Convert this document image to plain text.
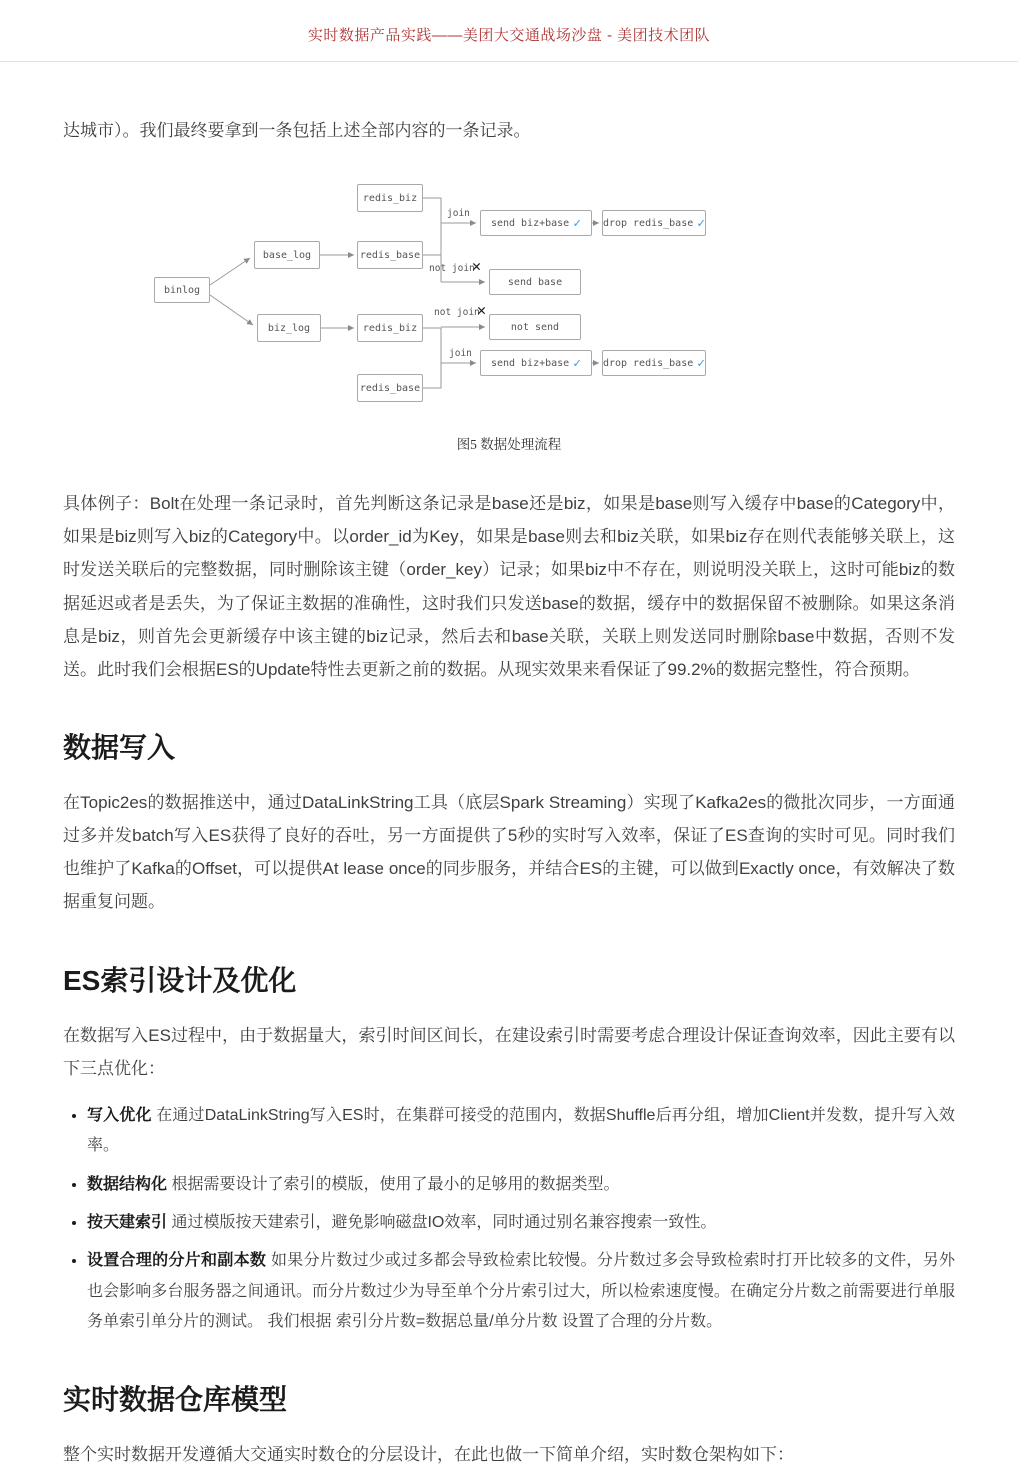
实时数据产品实践——美团大交通战场沙盘 - 美团技术团队

达城市）。我们最终要拿到一条包括上述全部内容的一条记录。

redis_biz
base_log	redis_base
binlog
biz_log	redis_biz
redis_base
send biz+base ✓ drop redis_base ✓
send base
not send
send biz+base ✓ drop redis_base ✓
join
not join
✕
not join
✕
join
图5 数据处理流程

具体例子：Bolt在处理一条记录时，首先判断这条记录是base还是biz，如果是base则写入缓存中base的Category中，如果是biz则写入biz的Category中。以order_id为Key，如果是base则去和biz关联，如果biz存在则代表能够关联上，这时发送关联后的完整数据，同时删除该主键（order_key）记录；如果biz中不存在，则说明没关联上，这时可能biz的数据延迟或者是丢失，为了保证主数据的准确性，这时我们只发送base的数据，缓存中的数据保留不被删除。如果这条消息是biz，则首先会更新缓存中该主键的biz记录，然后去和base关联，关联上则发送同时删除base中数据，否则不发送。此时我们会根据ES的Update特性去更新之前的数据。从现实效果来看保证了99.2%的数据完整性，符合预期。

数据写入

在Topic2es的数据推送中，通过DataLinkString工具（底层Spark Streaming）实现了Kafka2es的微批次同步，一方面通过多并发batch写入ES获得了良好的吞吐，另一方面提供了5秒的实时写入效率，保证了ES查询的实时可见。同时我们也维护了Kafka的Offset，可以提供At lease once的同步服务，并结合ES的主键，可以做到Exactly once，有效解决了数据重复问题。

ES索引设计及优化

在数据写入ES过程中，由于数据量大，索引时间区间长，在建设索引时需要考虑合理设计保证查询效率，因此主要有以下三点优化：

• 写入优化 在通过DataLinkString写入ES时，在集群可接受的范围内，数据Shuffle后再分组，增加Client并发数，提升写入效率。
• 数据结构化 根据需要设计了索引的模版，使用了最小的足够用的数据类型。
• 按天建索引 通过模版按天建索引，避免影响磁盘IO效率，同时通过别名兼容搜索一致性。
• 设置合理的分片和副本数 如果分片数过少或过多都会导致检索比较慢。分片数过多会导致检索时打开比较多的文件，另外也会影响多台服务器之间通讯。而分片数过少为导至单个分片索引过大，所以检索速度慢。在确定分片数之前需要进行单服务单索引单分片的测试。 我们根据 索引分片数=数据总量/单分片数 设置了合理的分片数。
实时数据仓库模型

整个实时数据开发遵循大交通实时数仓的分层设计，在此也做一下简单介绍，实时数仓架构如下：
